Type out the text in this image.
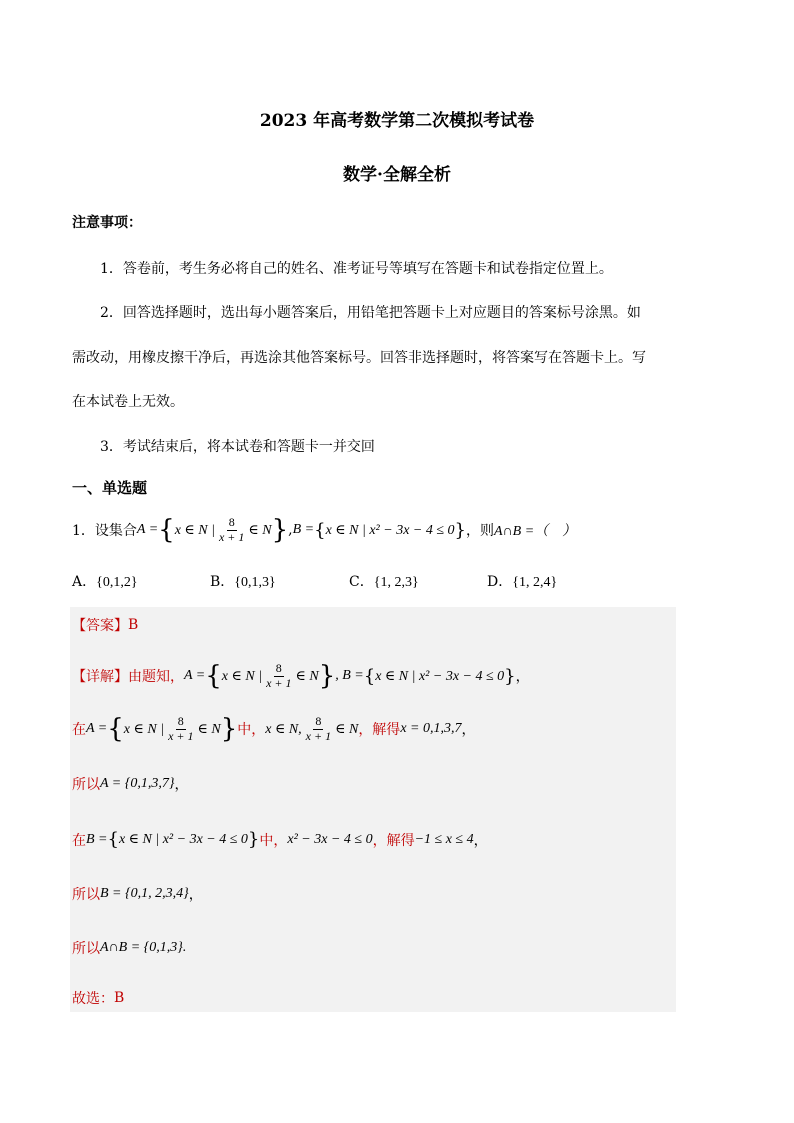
2023 年高考数学第二次模拟考试卷
数学·全解全析
注意事项：
1．答卷前，考生务必将自己的姓名、准考证号等填写在答题卡和试卷指定位置上。
2．回答选择题时，选出每小题答案后，用铅笔把答题卡上对应题目的答案标号涂黑。如
需改动，用橡皮擦干净后，再选涂其他答案标号。回答非选择题时，将答案写在答题卡上。写
在本试卷上无效。
3．考试结束后，将本试卷和答题卡一并交回
一、单选题
1．设集合 A = { x ∈ N | $\frac{8}{x + 1}$ ∈ N } , B = { x ∈ N | x² − 3x − 4 ≤ 0 } ，则 A∩B =（　）
A．{0,1,2}	B．{0,1,3}	C．{1, 2,3}	D．{1, 2,4}
【答案】 B
【详解】 由题知， A = { x ∈ N | $\frac{8}{x + 1}$ ∈ N } , B = { x ∈ N | x² − 3x − 4 ≤ 0 } ，
在 A = { x ∈ N | $\frac{8}{x + 1}$ ∈ N } 中， x ∈ N, $\frac{8}{x + 1}$ ∈ N ，解得 x = 0,1,3,7 ，
所以 A = {0,1,3,7} ，
在 B = { x ∈ N | x² − 3x − 4 ≤ 0 } 中， x² − 3x − 4 ≤ 0 ，解得 −1 ≤ x ≤ 4 ，
所以 B = {0,1, 2,3,4} ，
所以 A∩B = {0,1,3}.
故选： B
